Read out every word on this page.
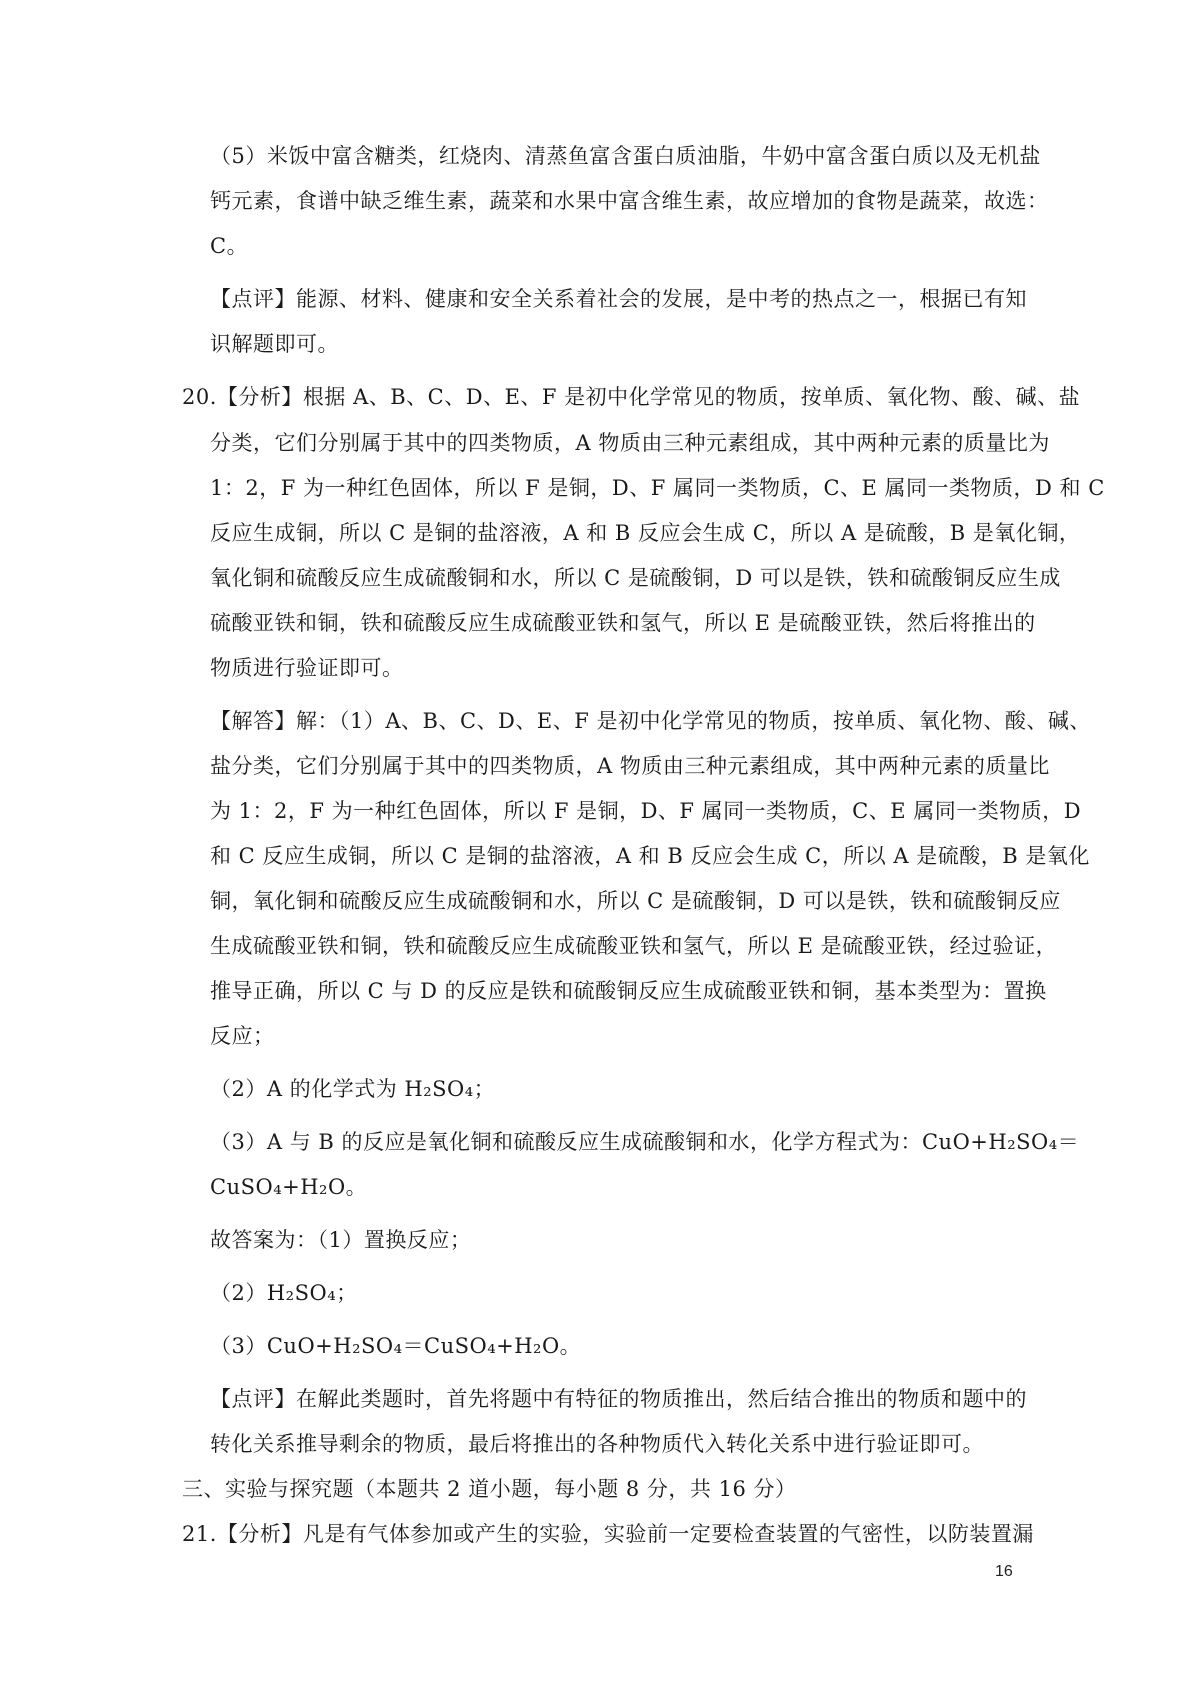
（5）米饭中富含糖类，红烧肉、清蒸鱼富含蛋白质油脂，牛奶中富含蛋白质以及无机盐
钙元素，食谱中缺乏维生素，蔬菜和水果中富含维生素，故应增加的食物是蔬菜，故选：
C。
【点评】能源、材料、健康和安全关系着社会的发展，是中考的热点之一，根据已有知
识解题即可。
20.【分析】根据 A、B、C、D、E、F 是初中化学常见的物质，按单质、氧化物、酸、碱、盐
分类，它们分别属于其中的四类物质，A 物质由三种元素组成，其中两种元素的质量比为
1：2，F 为一种红色固体，所以 F 是铜，D、F 属同一类物质，C、E 属同一类物质，D 和 C
反应生成铜，所以 C 是铜的盐溶液，A 和 B 反应会生成 C，所以 A 是硫酸，B 是氧化铜，
氧化铜和硫酸反应生成硫酸铜和水，所以 C 是硫酸铜，D 可以是铁，铁和硫酸铜反应生成
硫酸亚铁和铜，铁和硫酸反应生成硫酸亚铁和氢气，所以 E 是硫酸亚铁，然后将推出的
物质进行验证即可。
【解答】解：（1）A、B、C、D、E、F 是初中化学常见的物质，按单质、氧化物、酸、碱、
盐分类，它们分别属于其中的四类物质，A 物质由三种元素组成，其中两种元素的质量比
为 1：2，F 为一种红色固体，所以 F 是铜，D、F 属同一类物质，C、E 属同一类物质，D
和 C 反应生成铜，所以 C 是铜的盐溶液，A 和 B 反应会生成 C，所以 A 是硫酸，B 是氧化
铜，氧化铜和硫酸反应生成硫酸铜和水，所以 C 是硫酸铜，D 可以是铁，铁和硫酸铜反应
生成硫酸亚铁和铜，铁和硫酸反应生成硫酸亚铁和氢气，所以 E 是硫酸亚铁，经过验证，
推导正确，所以 C 与 D 的反应是铁和硫酸铜反应生成硫酸亚铁和铜，基本类型为：置换
反应；
（2）A 的化学式为 H₂SO₄；
（3）A 与 B 的反应是氧化铜和硫酸反应生成硫酸铜和水，化学方程式为：CuO+H₂SO₄＝
CuSO₄+H₂O。
故答案为：（1）置换反应；
（2）H₂SO₄；
（3）CuO+H₂SO₄＝CuSO₄+H₂O。
【点评】在解此类题时，首先将题中有特征的物质推出，然后结合推出的物质和题中的
转化关系推导剩余的物质，最后将推出的各种物质代入转化关系中进行验证即可。
三、实验与探究题（本题共 2 道小题，每小题 8 分，共 16 分）
21.【分析】凡是有气体参加或产生的实验，实验前一定要检查装置的气密性，以防装置漏
16
